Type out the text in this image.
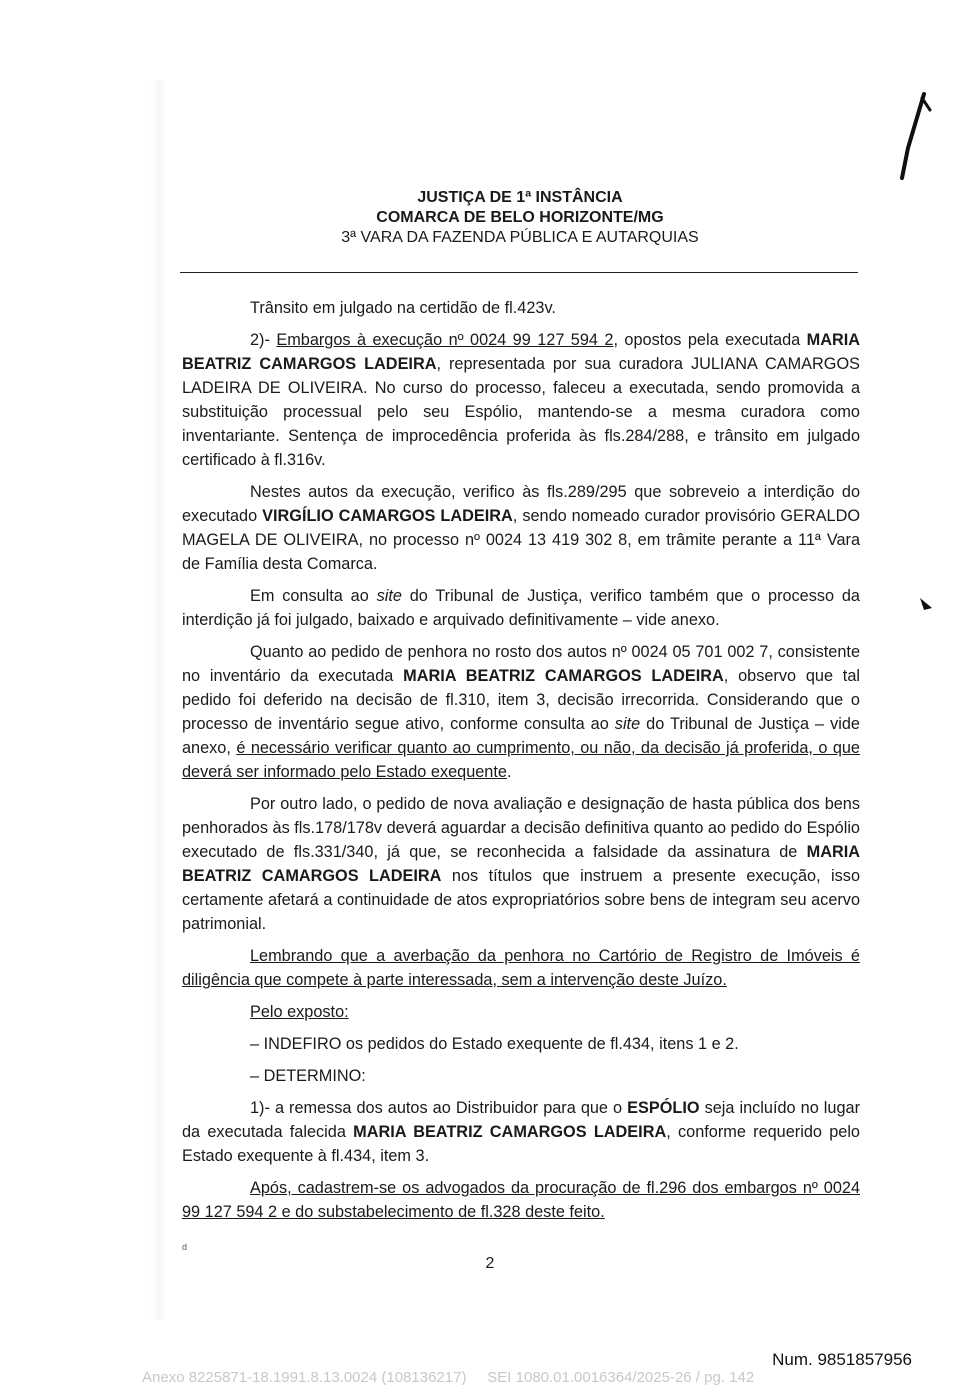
JUSTIÇA DE 1ª INSTÂNCIA
COMARCA DE BELO HORIZONTE/MG
3ª VARA DA FAZENDA PÚBLICA E AUTARQUIAS

Trânsito em julgado na certidão de fl.423v.

2)- Embargos à execução nº 0024 99 127 594 2, opostos pela executada MARIA BEATRIZ CAMARGOS LADEIRA, representada por sua curadora JULIANA CAMARGOS LADEIRA DE OLIVEIRA. No curso do processo, faleceu a executada, sendo promovida a substituição processual pelo seu Espólio, mantendo-se a mesma curadora como inventariante. Sentença de improcedência proferida às fls.284/288, e trânsito em julgado certificado à fl.316v.

Nestes autos da execução, verifico às fls.289/295 que sobreveio a interdição do executado VIRGÍLIO CAMARGOS LADEIRA, sendo nomeado curador provisório GERALDO MAGELA DE OLIVEIRA, no processo nº 0024 13 419 302 8, em trâmite perante a 11ª Vara de Família desta Comarca.

Em consulta ao site do Tribunal de Justiça, verifico também que o processo da interdição já foi julgado, baixado e arquivado definitivamente – vide anexo.

Quanto ao pedido de penhora no rosto dos autos nº 0024 05 701 002 7, consistente no inventário da executada MARIA BEATRIZ CAMARGOS LADEIRA, observo que tal pedido foi deferido na decisão de fl.310, item 3, decisão irrecorrida. Considerando que o processo de inventário segue ativo, conforme consulta ao site do Tribunal de Justiça – vide anexo, é necessário verificar quanto ao cumprimento, ou não, da decisão já proferida, o que deverá ser informado pelo Estado exequente.

Por outro lado, o pedido de nova avaliação e designação de hasta pública dos bens penhorados às fls.178/178v deverá aguardar a decisão definitiva quanto ao pedido do Espólio executado de fls.331/340, já que, se reconhecida a falsidade da assinatura de MARIA BEATRIZ CAMARGOS LADEIRA nos títulos que instruem a presente execução, isso certamente afetará a continuidade de atos expropriatórios sobre bens de integram seu acervo patrimonial.

Lembrando que a averbação da penhora no Cartório de Registro de Imóveis é diligência que compete à parte interessada, sem a intervenção deste Juízo.

Pelo exposto:

– INDEFIRO os pedidos do Estado exequente de fl.434, itens 1 e 2.

– DETERMINO:

1)- a remessa dos autos ao Distribuidor para que o ESPÓLIO seja incluído no lugar da executada falecida MARIA BEATRIZ CAMARGOS LADEIRA, conforme requerido pelo Estado exequente à fl.434, item 3.

Após, cadastrem-se os advogados da procuração de fl.296 dos embargos nº 0024 99 127 594 2 e do substabelecimento de fl.328 deste feito.

d
2
Num. 9851857956
Anexo 8225871-18.1991.8.13.0024 (108136217) SEI 1080.01.0016364/2025-26 / pg. 142
